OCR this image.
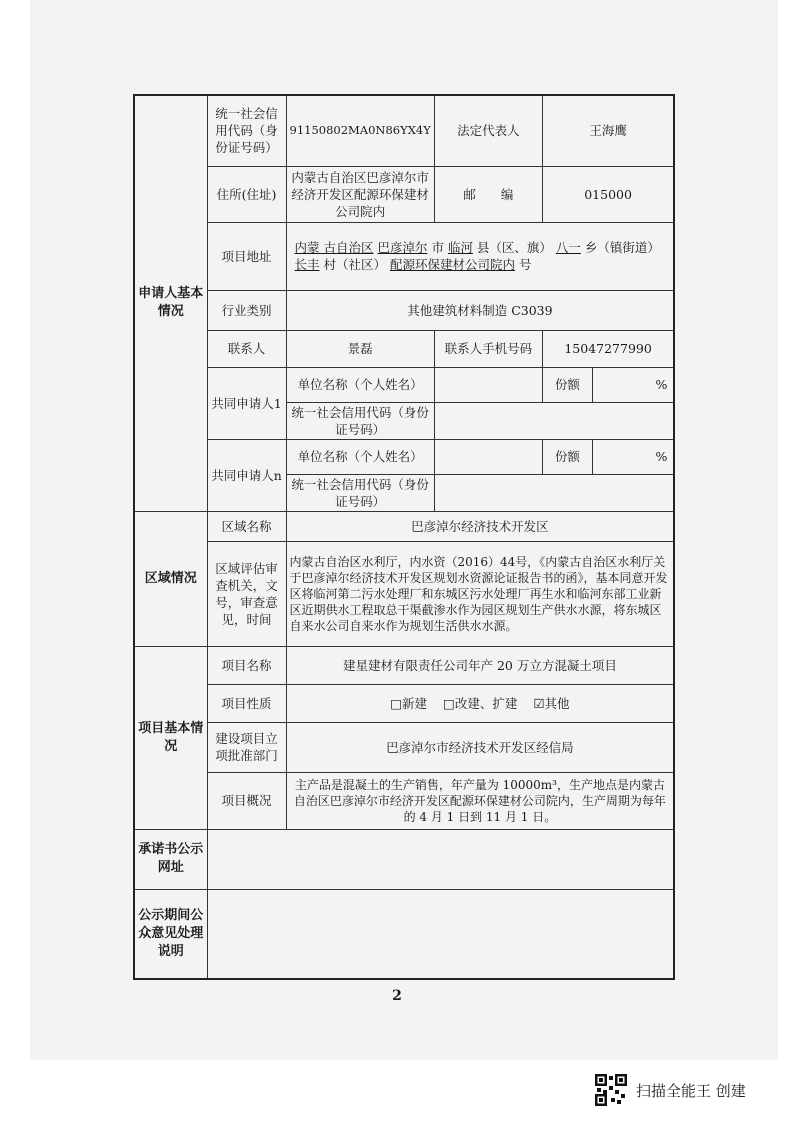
申请人基本情况	统一社会信用代码（身份证号码）	91150802MA0N86YX4Y	法定代表人	王海鹰	
	住所(住址)	内蒙古自治区巴彦淖尔市经济开发区配源环保建材公司院内	邮　　编	015000	
	项目地址	内蒙 古自治区 巴彦淖尔 市 临河 县（区、旗） 八一 乡（镇街道） 长丰 村（社区） 配源环保建材公司院内 号			
	行业类别	其他建筑材料制造 C3039			
	联系人	景磊	联系人手机号码	15047277990	
	共同申请人1	单位名称（个人姓名）		份额	%
		统一社会信用代码（身份证号码）			
	共同申请人n	单位名称（个人姓名）		份额	%
		统一社会信用代码（身份证号码）			
区域情况	区域名称	巴彦淖尔经济技术开发区			
	区域评估审查机关，文号，审查意见，时间	内蒙古自治区水利厅，内水资（2016）44号，《内蒙古自治区水利厅关于巴彦淖尔经济技术开发区规划水资源论证报告书的函》，基本同意开发区将临河第二污水处理厂和东城区污水处理厂再生水和临河东部工业新区近期供水工程取总干渠截渗水作为园区规划生产供水水源，将东城区自来水公司自来水作为规划生活供水水源。			
项目基本情况	项目名称	建星建材有限责任公司年产 20 万立方混凝土项目			
	项目性质	□新建 □改建、扩建 ☑其他			
	建设项目立项批准部门	巴彦淖尔市经济技术开发区经信局			
	项目概况	主产品是混凝土的生产销售，年产量为 10000m³，生产地点是内蒙古自治区巴彦淖尔市经济开发区配源环保建材公司院内，生产周期为每年的 4 月 1 日到 11 月 1 日。			
承诺书公示网址					
公示期间公众意见处理说明					
2
扫描全能王 创建
